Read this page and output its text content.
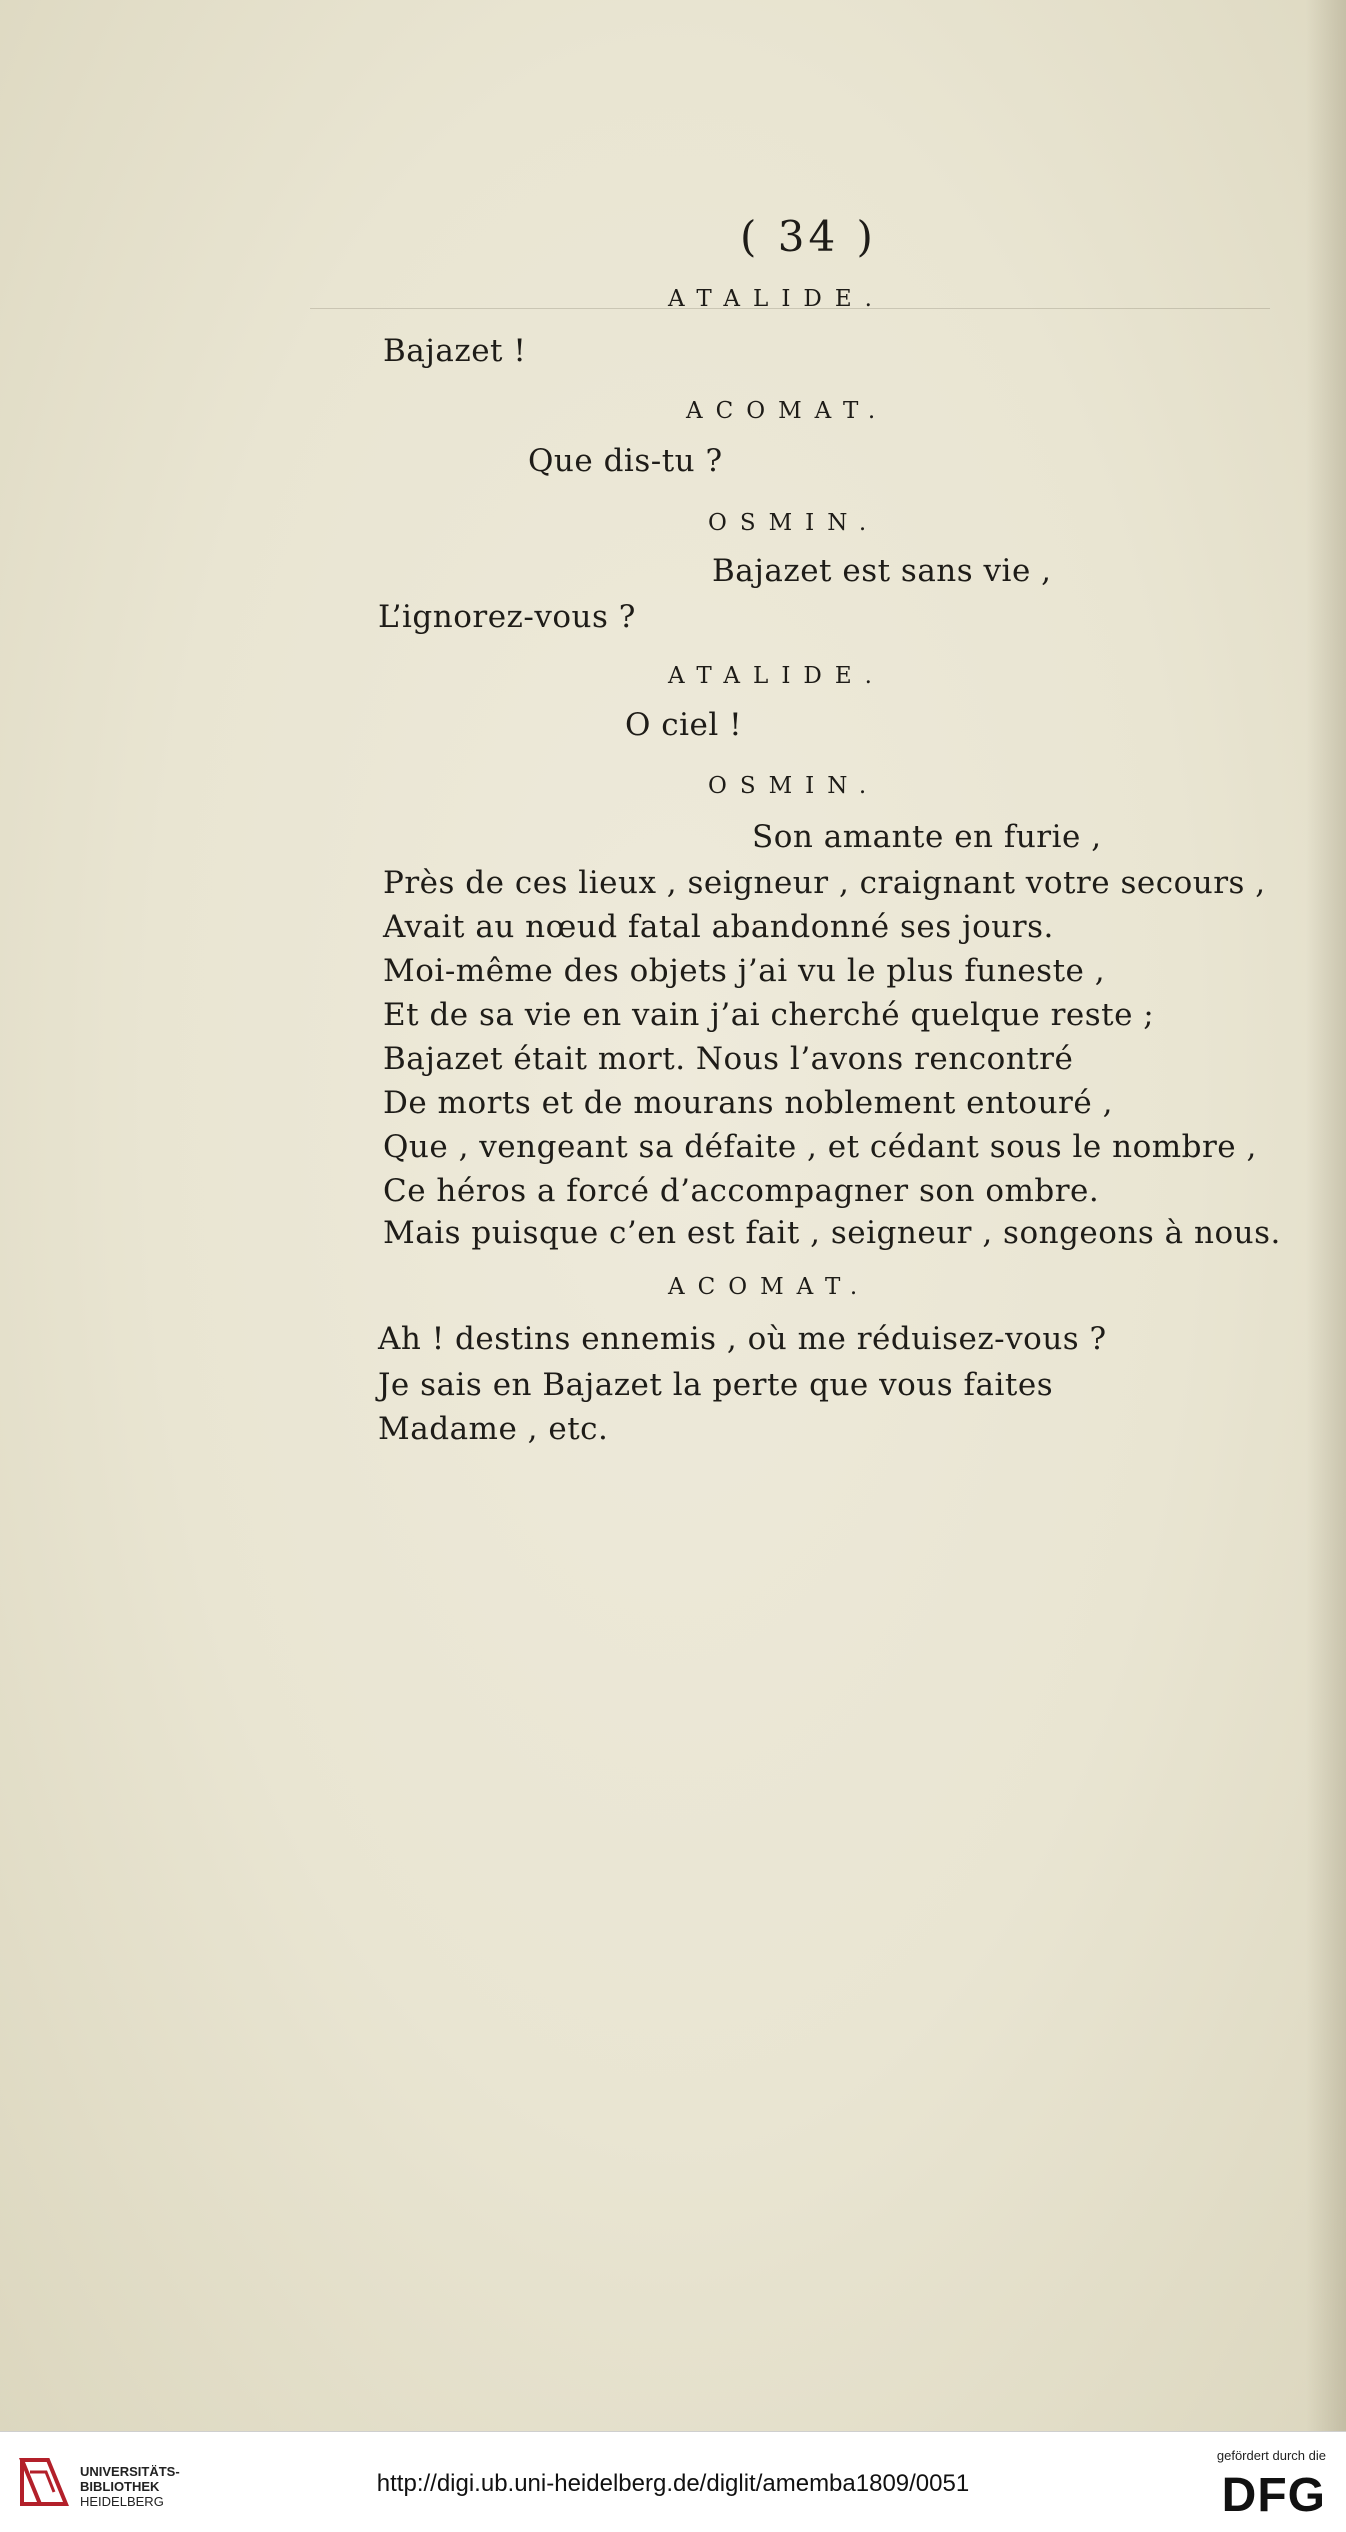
( 34 )
ATALIDE.
Bajazet !
ACOMAT.
Que dis-tu ?
OSMIN.
Bajazet est sans vie ,
L’ignorez-vous ?
ATALIDE.
O ciel !
OSMIN.
Son amante en furie ,
Près de ces lieux , seigneur , craignant votre secours ,
Avait au nœud fatal abandonné ses jours.
Moi-même des objets j’ai vu le plus funeste ,
Et de sa vie en vain j’ai cherché quelque reste ;
Bajazet était mort. Nous l’avons rencontré
De morts et de mourans noblement entouré ,
Que , vengeant sa défaite , et cédant sous le nombre ,
Ce héros a forcé d’accompagner son ombre.
Mais puisque c’en est fait , seigneur , songeons à nous.
ACOMAT.
Ah ! destins ennemis , où me réduisez-vous ?
Je sais en Bajazet la perte que vous faites
Madame , etc.
UNIVERSITÄTS-
BIBLIOTHEK
HEIDELBERG
http://digi.ub.uni-heidelberg.de/diglit/amemba1809/0051
gefördert durch die
DFG
